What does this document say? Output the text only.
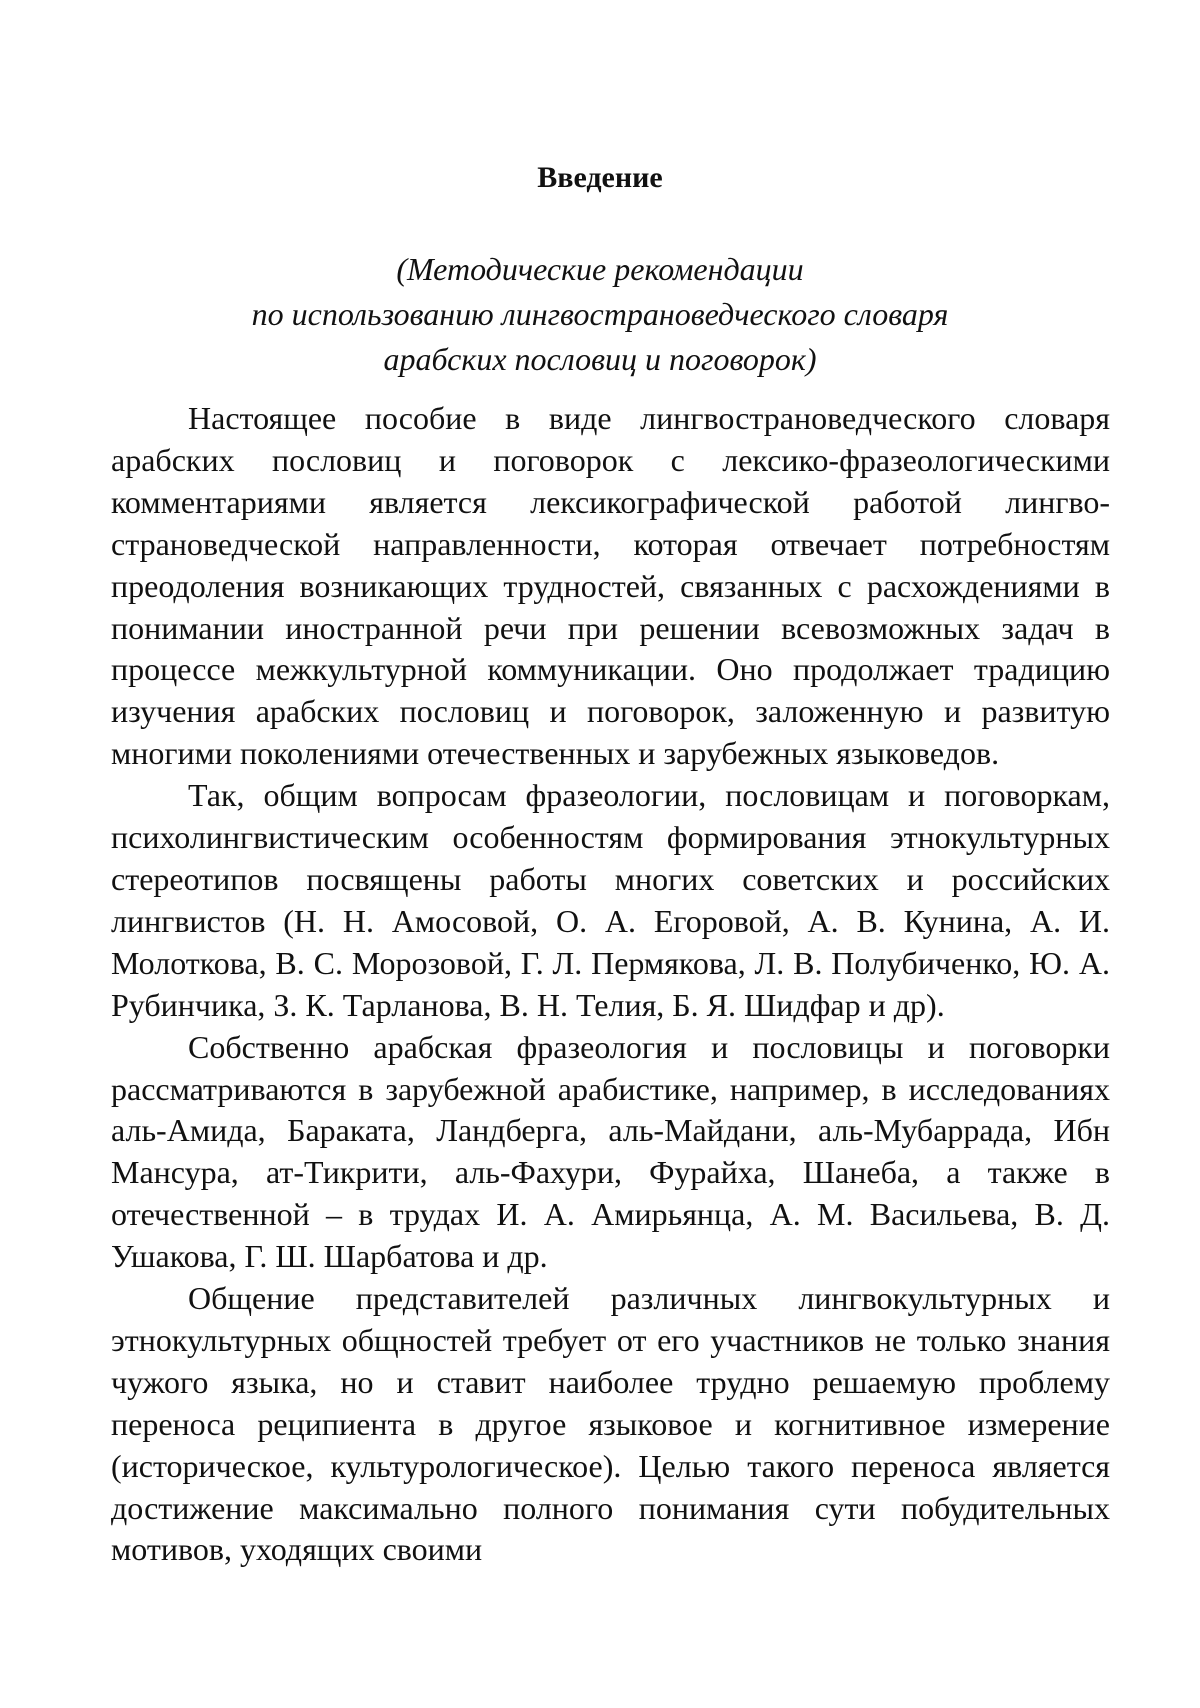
Введение
(Методические рекомендации
по использованию лингвострановедческого словаря
арабских пословиц и поговорок)

Настоящее пособие в виде лингвострановедческого словаря арабских пословиц и поговорок с лексико-фразеологическими комментариями является лексикографической работой лингвострановедческой направленности, которая отвечает потребностям преодоления возникающих трудностей, связанных с расхождениями в понимании иностранной речи при решении всевозможных задач в процессе межкультурной коммуникации. Оно продолжает традицию изучения арабских пословиц и поговорок, заложенную и развитую многими поколениями отечественных и зарубежных языковедов.

Так, общим вопросам фразеологии, пословицам и поговоркам, психолингвистическим особенностям формирования этнокультурных стереотипов посвящены работы многих советских и российских лингвистов (Н. Н. Амосовой, О. А. Егоровой, А. В. Кунина, А. И. Молоткова, В. С. Морозовой, Г. Л. Пермякова, Л. В. Полубиченко, Ю. А. Рубинчика, З. К. Тарланова, В. Н. Телия, Б. Я. Шидфар и др).

Собственно арабская фразеология и пословицы и поговорки рассматриваются в зарубежной арабистике, например, в исследованиях аль-Амида, Бараката, Ландберга, аль-Майдани, аль-Мубаррада, Ибн Мансура, ат-Тикрити, аль-Фахури, Фурайха, Шанеба, а также в отечественной – в трудах И. А. Амирьянца, А. М. Васильева, В. Д. Ушакова, Г. Ш. Шарбатова и др.

Общение представителей различных лингвокультурных и этнокультурных общностей требует от его участников не только знания чужого языка, но и ставит наиболее трудно решаемую проблему переноса реципиента в другое языковое и когнитивное измерение (историческое, культурологическое). Целью такого переноса является достижение максимально полного понимания сути побудительных мотивов, уходящих своими
